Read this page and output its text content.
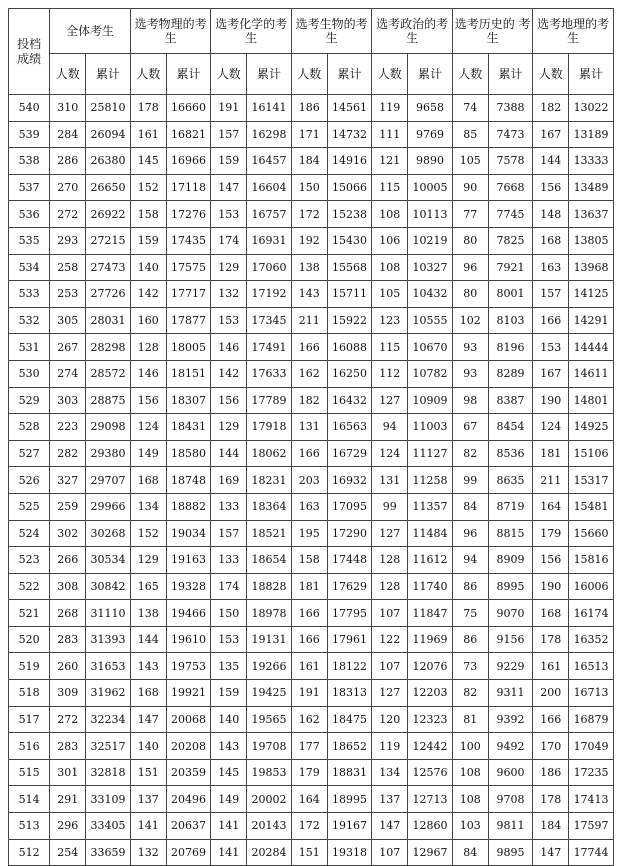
投档成绩	全体考生		选考物理的考生		选考化学的考生		选考生物的考生		选考政治的考生		选考历史的 考生		选考地理的考生	
	人数	累计	人数	累计	人数	累计	人数	累计	人数	累计	人数	累计	人数	累计
540	310	25810	178	16660	191	16141	186	14561	119	9658	74	7388	182	13022
539	284	26094	161	16821	157	16298	171	14732	111	9769	85	7473	167	13189
538	286	26380	145	16966	159	16457	184	14916	121	9890	105	7578	144	13333
537	270	26650	152	17118	147	16604	150	15066	115	10005	90	7668	156	13489
536	272	26922	158	17276	153	16757	172	15238	108	10113	77	7745	148	13637
535	293	27215	159	17435	174	16931	192	15430	106	10219	80	7825	168	13805
534	258	27473	140	17575	129	17060	138	15568	108	10327	96	7921	163	13968
533	253	27726	142	17717	132	17192	143	15711	105	10432	80	8001	157	14125
532	305	28031	160	17877	153	17345	211	15922	123	10555	102	8103	166	14291
531	267	28298	128	18005	146	17491	166	16088	115	10670	93	8196	153	14444
530	274	28572	146	18151	142	17633	162	16250	112	10782	93	8289	167	14611
529	303	28875	156	18307	156	17789	182	16432	127	10909	98	8387	190	14801
528	223	29098	124	18431	129	17918	131	16563	94	11003	67	8454	124	14925
527	282	29380	149	18580	144	18062	166	16729	124	11127	82	8536	181	15106
526	327	29707	168	18748	169	18231	203	16932	131	11258	99	8635	211	15317
525	259	29966	134	18882	133	18364	163	17095	99	11357	84	8719	164	15481
524	302	30268	152	19034	157	18521	195	17290	127	11484	96	8815	179	15660
523	266	30534	129	19163	133	18654	158	17448	128	11612	94	8909	156	15816
522	308	30842	165	19328	174	18828	181	17629	128	11740	86	8995	190	16006
521	268	31110	138	19466	150	18978	166	17795	107	11847	75	9070	168	16174
520	283	31393	144	19610	153	19131	166	17961	122	11969	86	9156	178	16352
519	260	31653	143	19753	135	19266	161	18122	107	12076	73	9229	161	16513
518	309	31962	168	19921	159	19425	191	18313	127	12203	82	9311	200	16713
517	272	32234	147	20068	140	19565	162	18475	120	12323	81	9392	166	16879
516	283	32517	140	20208	143	19708	177	18652	119	12442	100	9492	170	17049
515	301	32818	151	20359	145	19853	179	18831	134	12576	108	9600	186	17235
514	291	33109	137	20496	149	20002	164	18995	137	12713	108	9708	178	17413
513	296	33405	141	20637	141	20143	172	19167	147	12860	103	9811	184	17597
512	254	33659	132	20769	141	20284	151	19318	107	12967	84	9895	147	17744
